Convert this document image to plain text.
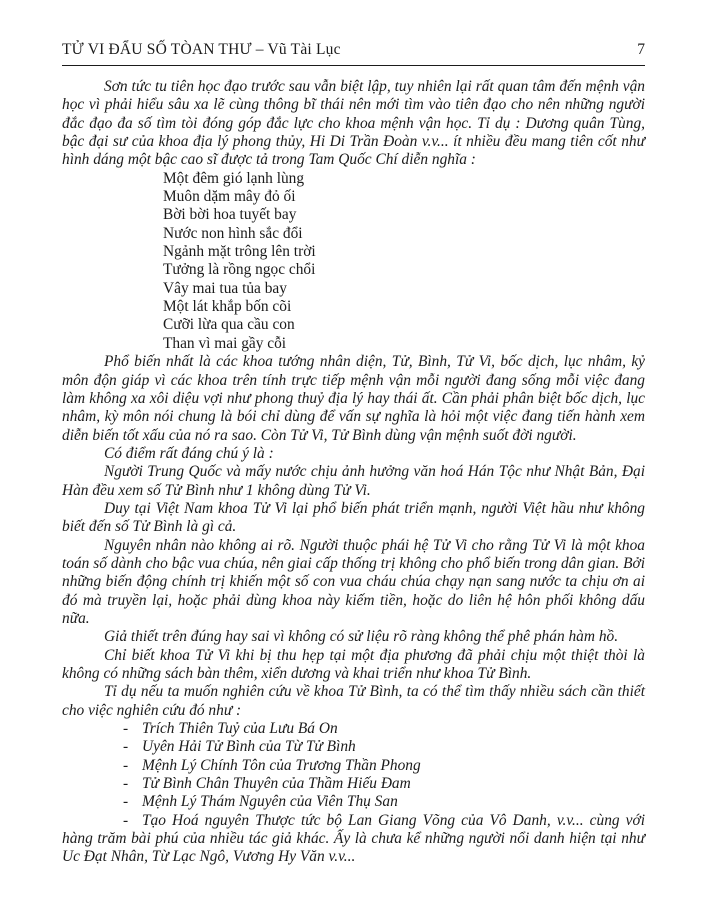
TỬ VI ĐẨU SỐ TÒAN THƯ – Vũ Tài Lục	7

Sơn tức tu tiên học đạo trước sau vẫn biệt lập, tuy nhiên lại rất quan tâm đến mệnh vận học vì phải hiểu sâu xa lẽ cùng thông bĩ thái nên mới tìm vào tiên đạo cho nên những người đắc đạo đa số tìm tòi đóng góp đắc lực cho khoa mệnh vận học. Tỉ dụ : Dương quân Tùng, bậc đại sư của khoa địa lý phong thủy, Hi Di Trần Đoàn v.v... ít nhiều đều mang tiên cốt như hình dáng một bậc cao sĩ được tả trong Tam Quốc Chí diễn nghĩa :

Một đêm gió lạnh lùng
Muôn dặm mây đỏ ối
Bời bời hoa tuyết bay
Nước non hình sắc đổi
Ngảnh mặt trông lên trời
Tưởng là rồng ngọc chổi
Vây mai tua tủa bay
Một lát khắp bốn cõi
Cưỡi lừa qua cầu con
Than vì mai gầy cỗi

Phổ biến nhất là các khoa tướng nhân diện, Tử, Bình, Tử Vi, bốc dịch, lục nhâm, kỷ môn độn giáp vì các khoa trên tính trực tiếp mệnh vận mỗi người đang sống mỗi việc đang làm không xa xôi diệu vợi như phong thuỷ địa lý hay thái ất. Cần phải phân biệt bốc dịch, lục nhâm, kỳ môn nói chung là bói chỉ dùng để vấn sự nghĩa là hỏi một việc đang tiến hành xem diễn biến tốt xấu của nó ra sao. Còn Tử Vi, Tử Bình dùng vận mệnh suốt đời người.

Có điểm rất đáng chú ý là :

Người Trung Quốc và mấy nước chịu ảnh hưởng văn hoá Hán Tộc như Nhật Bản, Đại Hàn đều xem số Tử Bình như 1 không dùng Tử Vi.

Duy tại Việt Nam khoa Tử Vi lại phổ biến phát triển mạnh, người Việt hầu như không biết đến số Tử Bình là gì cả.

Nguyên nhân nào không ai rõ. Người thuộc phái hệ Tử Vi cho rằng Tử Vi là một khoa toán số dành cho bậc vua chúa, nên giai cấp thống trị không cho phổ biến trong dân gian. Bởi những biến động chính trị khiến một số con vua cháu chúa chạy nạn sang nước ta chịu ơn ai đó mà truyền lại, hoặc phải dùng khoa này kiếm tiền, hoặc do liên hệ hôn phối không dấu nữa.

Giả thiết trên đúng hay sai vì không có sử liệu rõ ràng không thể phê phán hàm hồ.

Chỉ biết khoa Tử Vi khi bị thu hẹp tại một địa phương đã phải chịu một thiệt thòi là không có những sách bàn thêm, xiển dương và khai triển như khoa Tử Bình.

Tỉ dụ nếu ta muốn nghiên cứu về khoa Tử Bình, ta có thể tìm thấy nhiều sách cần thiết cho việc nghiên cứu đó như :

- Trích Thiên Tuỷ của Lưu Bá On

- Uyên Hải Tử Bình của Từ Tử Bình

- Mệnh Lý Chính Tôn của Trương Thần Phong

- Tử Bình Chân Thuyên của Thầm Hiếu Đam

- Mệnh Lý Thám Nguyên của Viên Thụ San

- Tạo Hoá nguyên Thược tức bộ Lan Giang Võng của Vô Danh, v.v... cùng với hàng trăm bài phú của nhiều tác giả khác. Ấy là chưa kể những người nổi danh hiện tại như Uc Đạt Nhân, Từ Lạc Ngô, Vương Hy Văn v.v...
